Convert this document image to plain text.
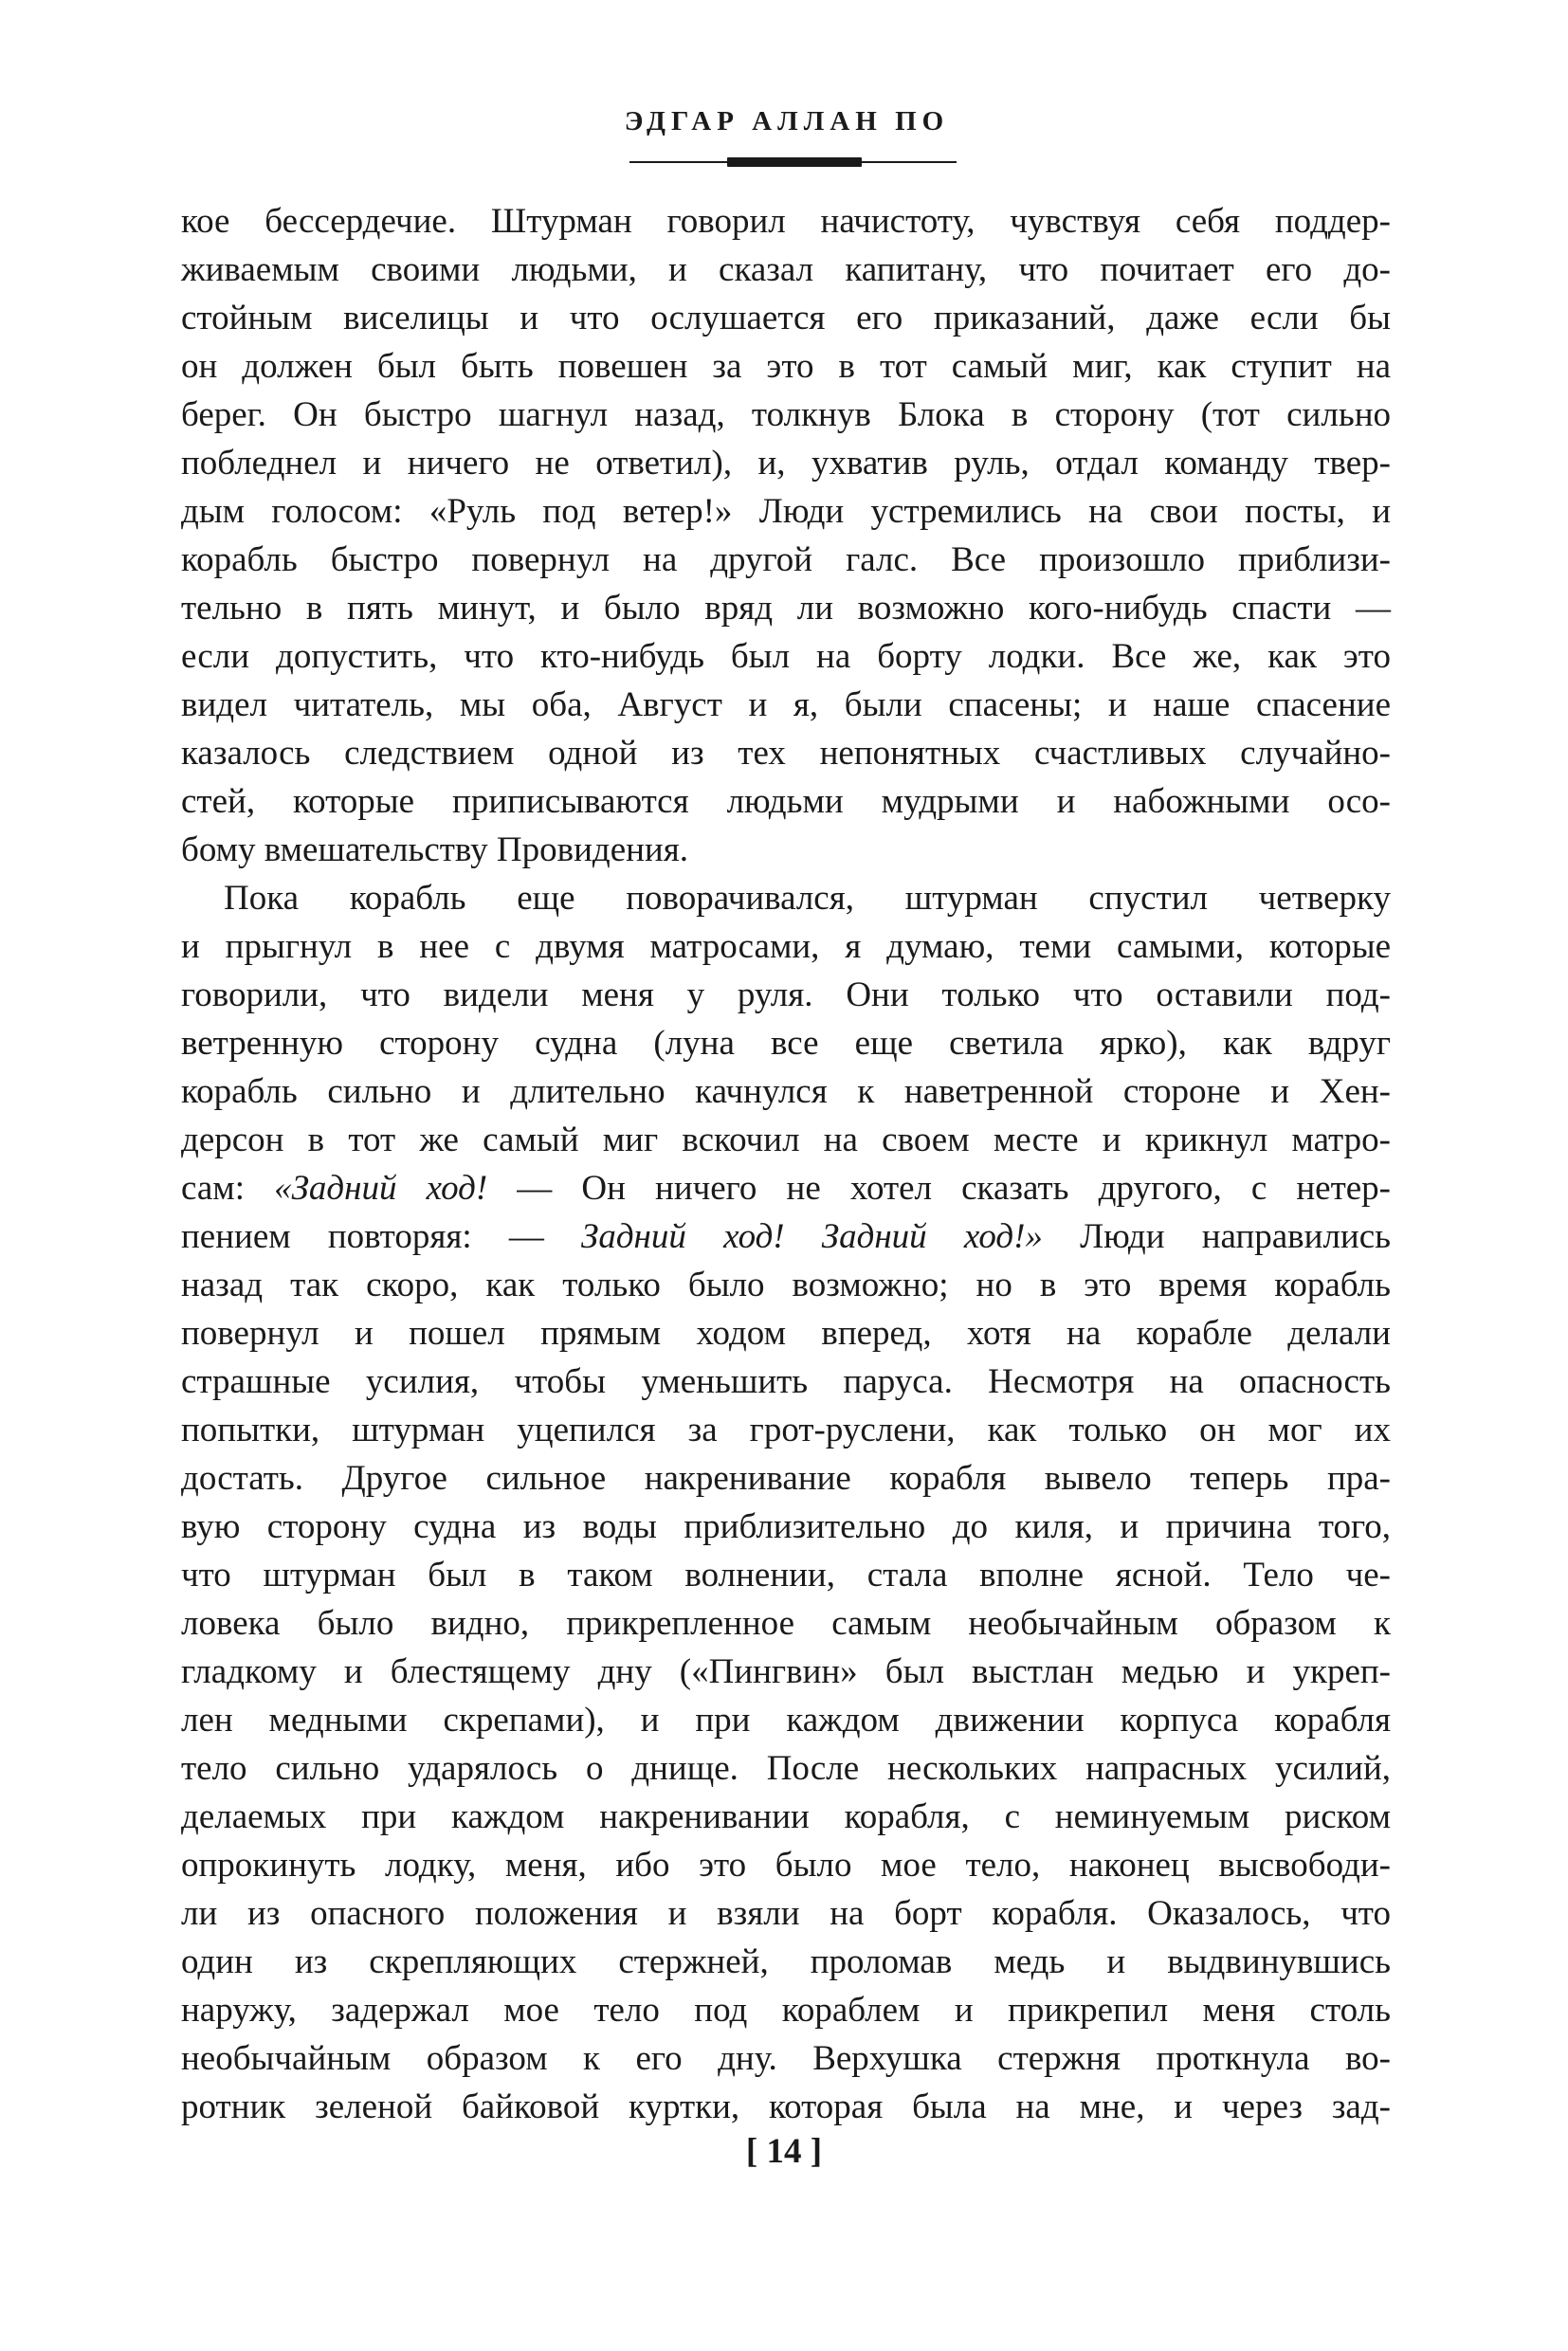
ЭДГАР АЛЛАН ПО
кое бессердечие. Штурман говорил начистоту, чувствуя себя поддер-
живаемым своими людьми, и сказал капитану, что почитает его до-
стойным виселицы и что ослушается его приказаний, даже если бы
он должен был быть повешен за это в тот самый миг, как ступит на
берег. Он быстро шагнул назад, толкнув Блока в сторону (тот сильно
побледнел и ничего не ответил), и, ухватив руль, отдал команду твер-
дым голосом: «Руль под ветер!» Люди устремились на свои посты, и
корабль быстро повернул на другой галс. Все произошло приблизи-
тельно в пять минут, и было вряд ли возможно кого-нибудь спасти —
если допустить, что кто-нибудь был на борту лодки. Все же, как это
видел читатель, мы оба, Август и я, были спасены; и наше спасение
казалось следствием одной из тех непонятных счастливых случайно-
стей, которые приписываются людьми мудрыми и набожными осо-
бому вмешательству Провидения.
Пока корабль еще поворачивался, штурман спустил четверку
и прыгнул в нее с двумя матросами, я думаю, теми самыми, которые
говорили, что видели меня у руля. Они только что оставили под-
ветренную сторону судна (луна все еще светила ярко), как вдруг
корабль сильно и длительно качнулся к наветренной стороне и Хен-
дерсон в тот же самый миг вскочил на своем месте и крикнул матро-
сам: «Задний ход! — Он ничего не хотел сказать другого, с нетер-
пением повторяя: — Задний ход! Задний ход!» Люди направились
назад так скоро, как только было возможно; но в это время корабль
повернул и пошел прямым ходом вперед, хотя на корабле делали
страшные усилия, чтобы уменьшить паруса. Несмотря на опасность
попытки, штурман уцепился за грот-руслени, как только он мог их
достать. Другое сильное накренивание корабля вывело теперь пра-
вую сторону судна из воды приблизительно до киля, и причина того,
что штурман был в таком волнении, стала вполне ясной. Тело че-
ловека было видно, прикрепленное самым необычайным образом к
гладкому и блестящему дну («Пингвин» был выстлан медью и укреп-
лен медными скрепами), и при каждом движении корпуса корабля
тело сильно ударялось о днище. После нескольких напрасных усилий,
делаемых при каждом накренивании корабля, с неминуемым риском
опрокинуть лодку, меня, ибо это было мое тело, наконец высвободи-
ли из опасного положения и взяли на борт корабля. Оказалось, что
один из скрепляющих стержней, проломав медь и выдвинувшись
наружу, задержал мое тело под кораблем и прикрепил меня столь
необычайным образом к его дну. Верхушка стержня проткнула во-
ротник зеленой байковой куртки, которая была на мне, и через зад-
[ 14 ]
